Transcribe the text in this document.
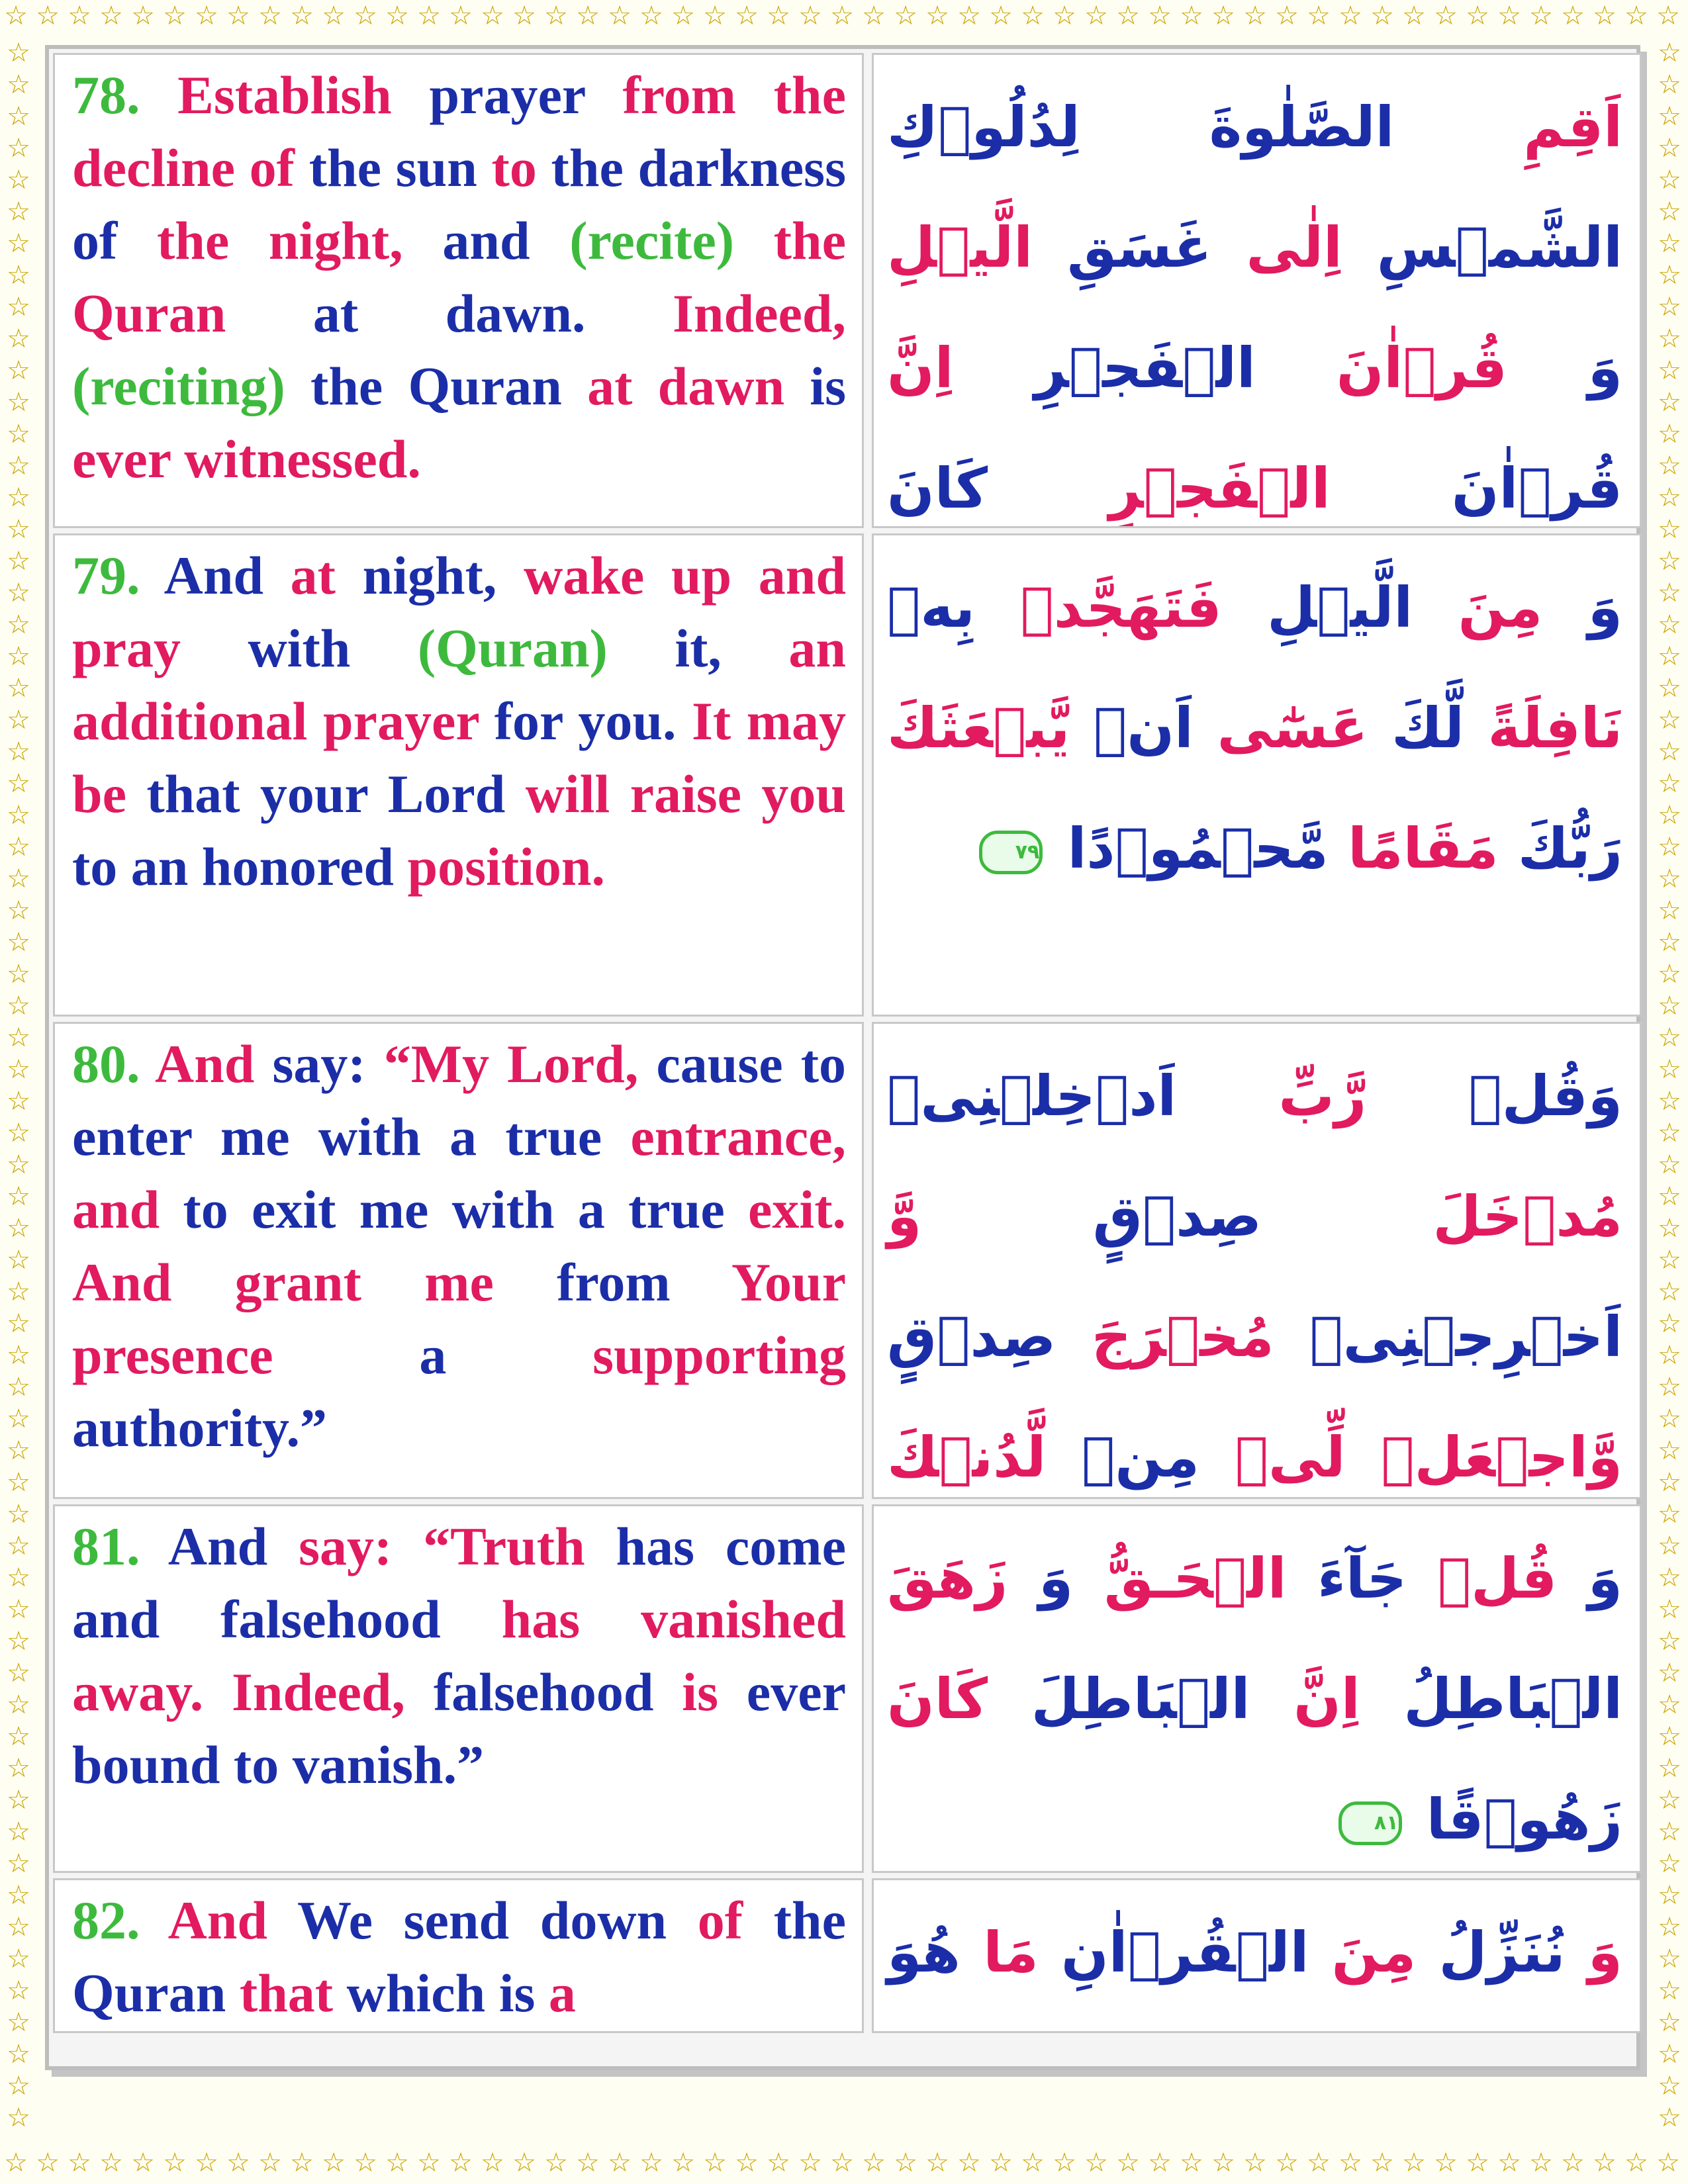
☆ ☆ ☆ ☆ ☆ ☆ ☆ ☆ ☆ ☆ ☆ ☆ ☆ ☆ ☆ ☆ ☆ ☆ ☆ ☆ ☆ ☆ ☆ ☆ ☆ ☆ ☆ ☆ ☆ ☆ ☆ ☆ ☆ ☆ ☆ ☆ ☆ ☆ ☆ ☆ ☆ ☆ ☆ ☆ ☆ ☆ ☆ ☆ ☆ ☆ ☆ ☆ ☆
☆ ☆ ☆ ☆ ☆ ☆ ☆ ☆ ☆ ☆ ☆ ☆ ☆ ☆ ☆ ☆ ☆ ☆ ☆ ☆ ☆ ☆ ☆ ☆ ☆ ☆ ☆ ☆ ☆ ☆ ☆ ☆ ☆ ☆ ☆ ☆ ☆ ☆ ☆ ☆ ☆ ☆ ☆ ☆ ☆ ☆ ☆ ☆ ☆ ☆ ☆ ☆ ☆
☆
☆
☆
☆
☆
☆
☆
☆
☆
☆
☆
☆
☆
☆
☆
☆
☆
☆
☆
☆
☆
☆
☆
☆
☆
☆
☆
☆
☆
☆
☆
☆
☆
☆
☆
☆
☆
☆
☆
☆
☆
☆
☆
☆
☆
☆
☆
☆
☆
☆
☆
☆
☆
☆
☆
☆
☆
☆
☆
☆
☆
☆
☆
☆
☆
☆
☆
☆
☆
☆
☆
☆
☆
☆
☆
☆
☆
☆
☆
☆
☆
☆
☆
☆
☆
☆
☆
☆
☆
☆
☆
☆
☆
☆
☆
☆
☆
☆
☆
☆
☆
☆
☆
☆
☆
☆
☆
☆
☆
☆
☆
☆
☆
☆
☆
☆
☆
☆
☆
☆
☆
☆
☆
☆
☆
☆
☆
☆
☆
☆
☆
☆

78. Establish prayer from the decline of the sun to the darkness of the night, and (recite) the Quran at dawn. Indeed, (reciting) the Quran at dawn is ever witnessed.

اَقِمِ الصَّلٰوةَ لِدُلُوۡكِ الشَّمۡسِ اِلٰى غَسَقِ الَّيۡلِ وَ قُرۡاٰنَ الۡفَجۡرِ اِنَّ قُرۡاٰنَ الۡفَجۡرِ كَانَ

79. And at night, wake up and pray with (Quran) it, an additional prayer for you. It may be that your Lord will raise you to an honored position.

وَ مِنَ الَّيۡلِ فَتَهَجَّدۡ بِهٖ نَافِلَةً لَّكَ عَسٰٓى اَنۡ يَّبۡعَثَكَ رَبُّكَ مَقَامًا مَّحۡمُوۡدًا ٧٩

80. And say: “My Lord, cause to enter me with a true entrance, and to exit me with a true exit. And grant me from Your presence a supporting authority.”

وَقُلۡ رَّبِّ اَدۡخِلۡنِىۡ مُدۡخَلَ صِدۡقٍ وَّ اَخۡرِجۡنِىۡ مُخۡرَجَ صِدۡقٍ وَّاجۡعَلۡ لِّىۡ مِنۡ لَّدُنۡكَ

81. And say: “Truth has come and falsehood has vanished away. Indeed, falsehood is ever bound to vanish.”

وَ قُلۡ جَآءَ الۡحَـقُّ وَ زَهَقَ الۡبَاطِلُ اِنَّ الۡبَاطِلَ كَانَ زَهُوۡقًا ٨١

82. And We send down of the Quran that which is a

وَ نُنَزِّلُ مِنَ الۡقُرۡاٰنِ مَا هُوَ
